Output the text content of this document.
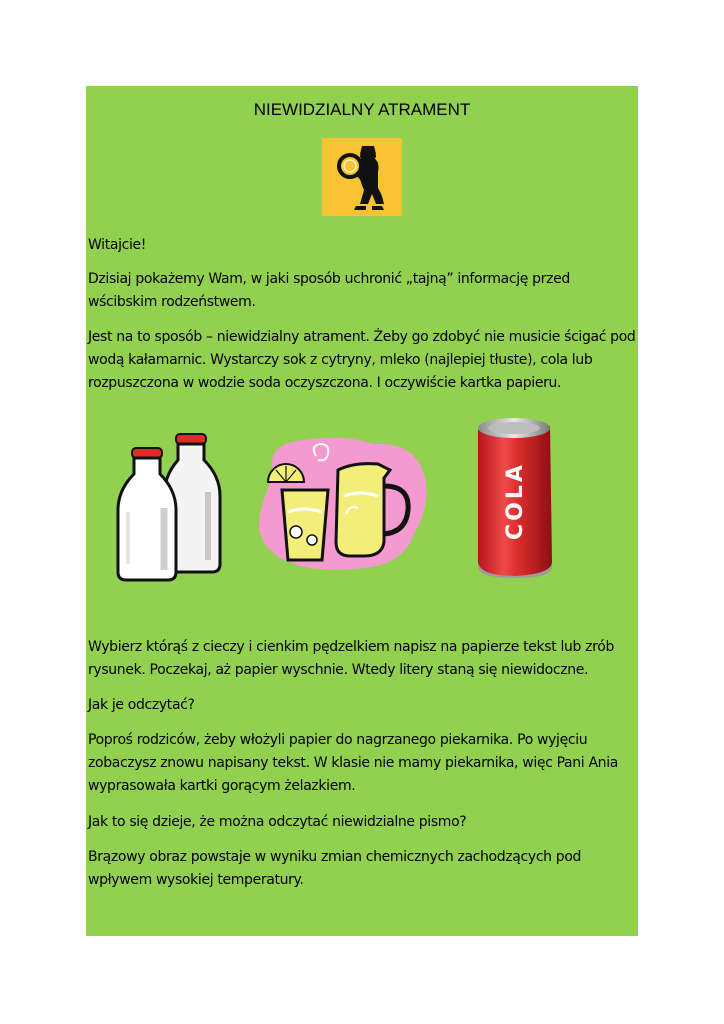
NIEWIDZIALNY ATRAMENT

Witajcie!

Dzisiaj pokażemy Wam, w jaki sposób uchronić „tajną” informację przed wścibskim rodzeństwem.

Jest na to sposób – niewidzialny atrament. Żeby go zdobyć nie musicie ścigać pod wodą kałamarnic. Wystarczy sok z cytryny, mleko (najlepiej tłuste), cola lub rozpuszczona w wodzie soda oczyszczona. I oczywiście kartka papieru.

COLA

Wybierz którąś z cieczy i cienkim pędzelkiem napisz na papierze tekst lub zrób rysunek. Poczekaj, aż papier wyschnie. Wtedy litery staną się niewidoczne.

Jak je odczytać?

Poproś rodziców, żeby włożyli papier do nagrzanego piekarnika. Po wyjęciu zobaczysz znowu napisany tekst. W klasie nie mamy piekarnika, więc Pani Ania wyprasowała kartki gorącym żelazkiem.

Jak to się dzieje, że można odczytać niewidzialne pismo?

Brązowy obraz powstaje w wyniku zmian chemicznych zachodzących pod wpływem wysokiej temperatury.
